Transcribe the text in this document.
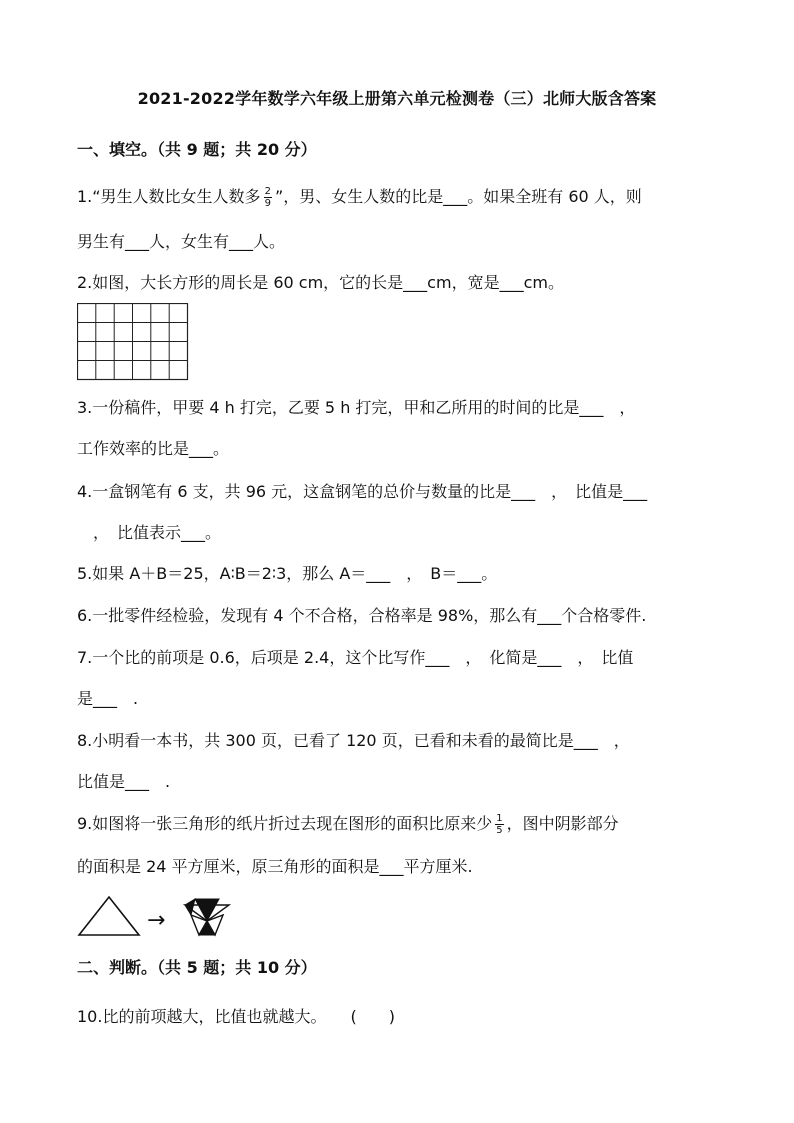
2021-2022学年数学六年级上册第六单元检测卷（三）北师大版含答案
一、填空。（共 9 题；共 20 分）
1.“男生人数比女生人数多 $\frac{2}{9}$ ”，男、女生人数的比是___。如果全班有 60 人，则
男生有___人，女生有___人。
2.如图，大长方形的周长是 60 cm，它的长是___cm，宽是___cm。
3.一份稿件，甲要 4 h 打完，乙要 5 h 打完，甲和乙所用的时间的比是___　，
工作效率的比是___。
4.一盒钢笔有 6 支，共 96 元，这盒钢笔的总价与数量的比是___　，　比值是___
　，　比值表示___。
5.如果 A＋B＝25，A∶B＝2∶3，那么 A＝___　，　B＝___。
6.一批零件经检验，发现有 4 个不合格，合格率是 98%，那么有___个合格零件.
7.一个比的前项是 0.6，后项是 2.4，这个比写作___　，　化简是___　，　比值
是___　.
8.小明看一本书，共 300 页，已看了 120 页，已看和未看的最简比是___　，
比值是___　.
9.如图将一张三角形的纸片折过去现在图形的面积比原来少 $\frac{1}{5}$ ，图中阴影部分
的面积是 24 平方厘米，原三角形的面积是___平方厘米.
→
二、判断。（共 5 题；共 10 分）
10.比的前项越大，比值也就越大。　　(　　)
